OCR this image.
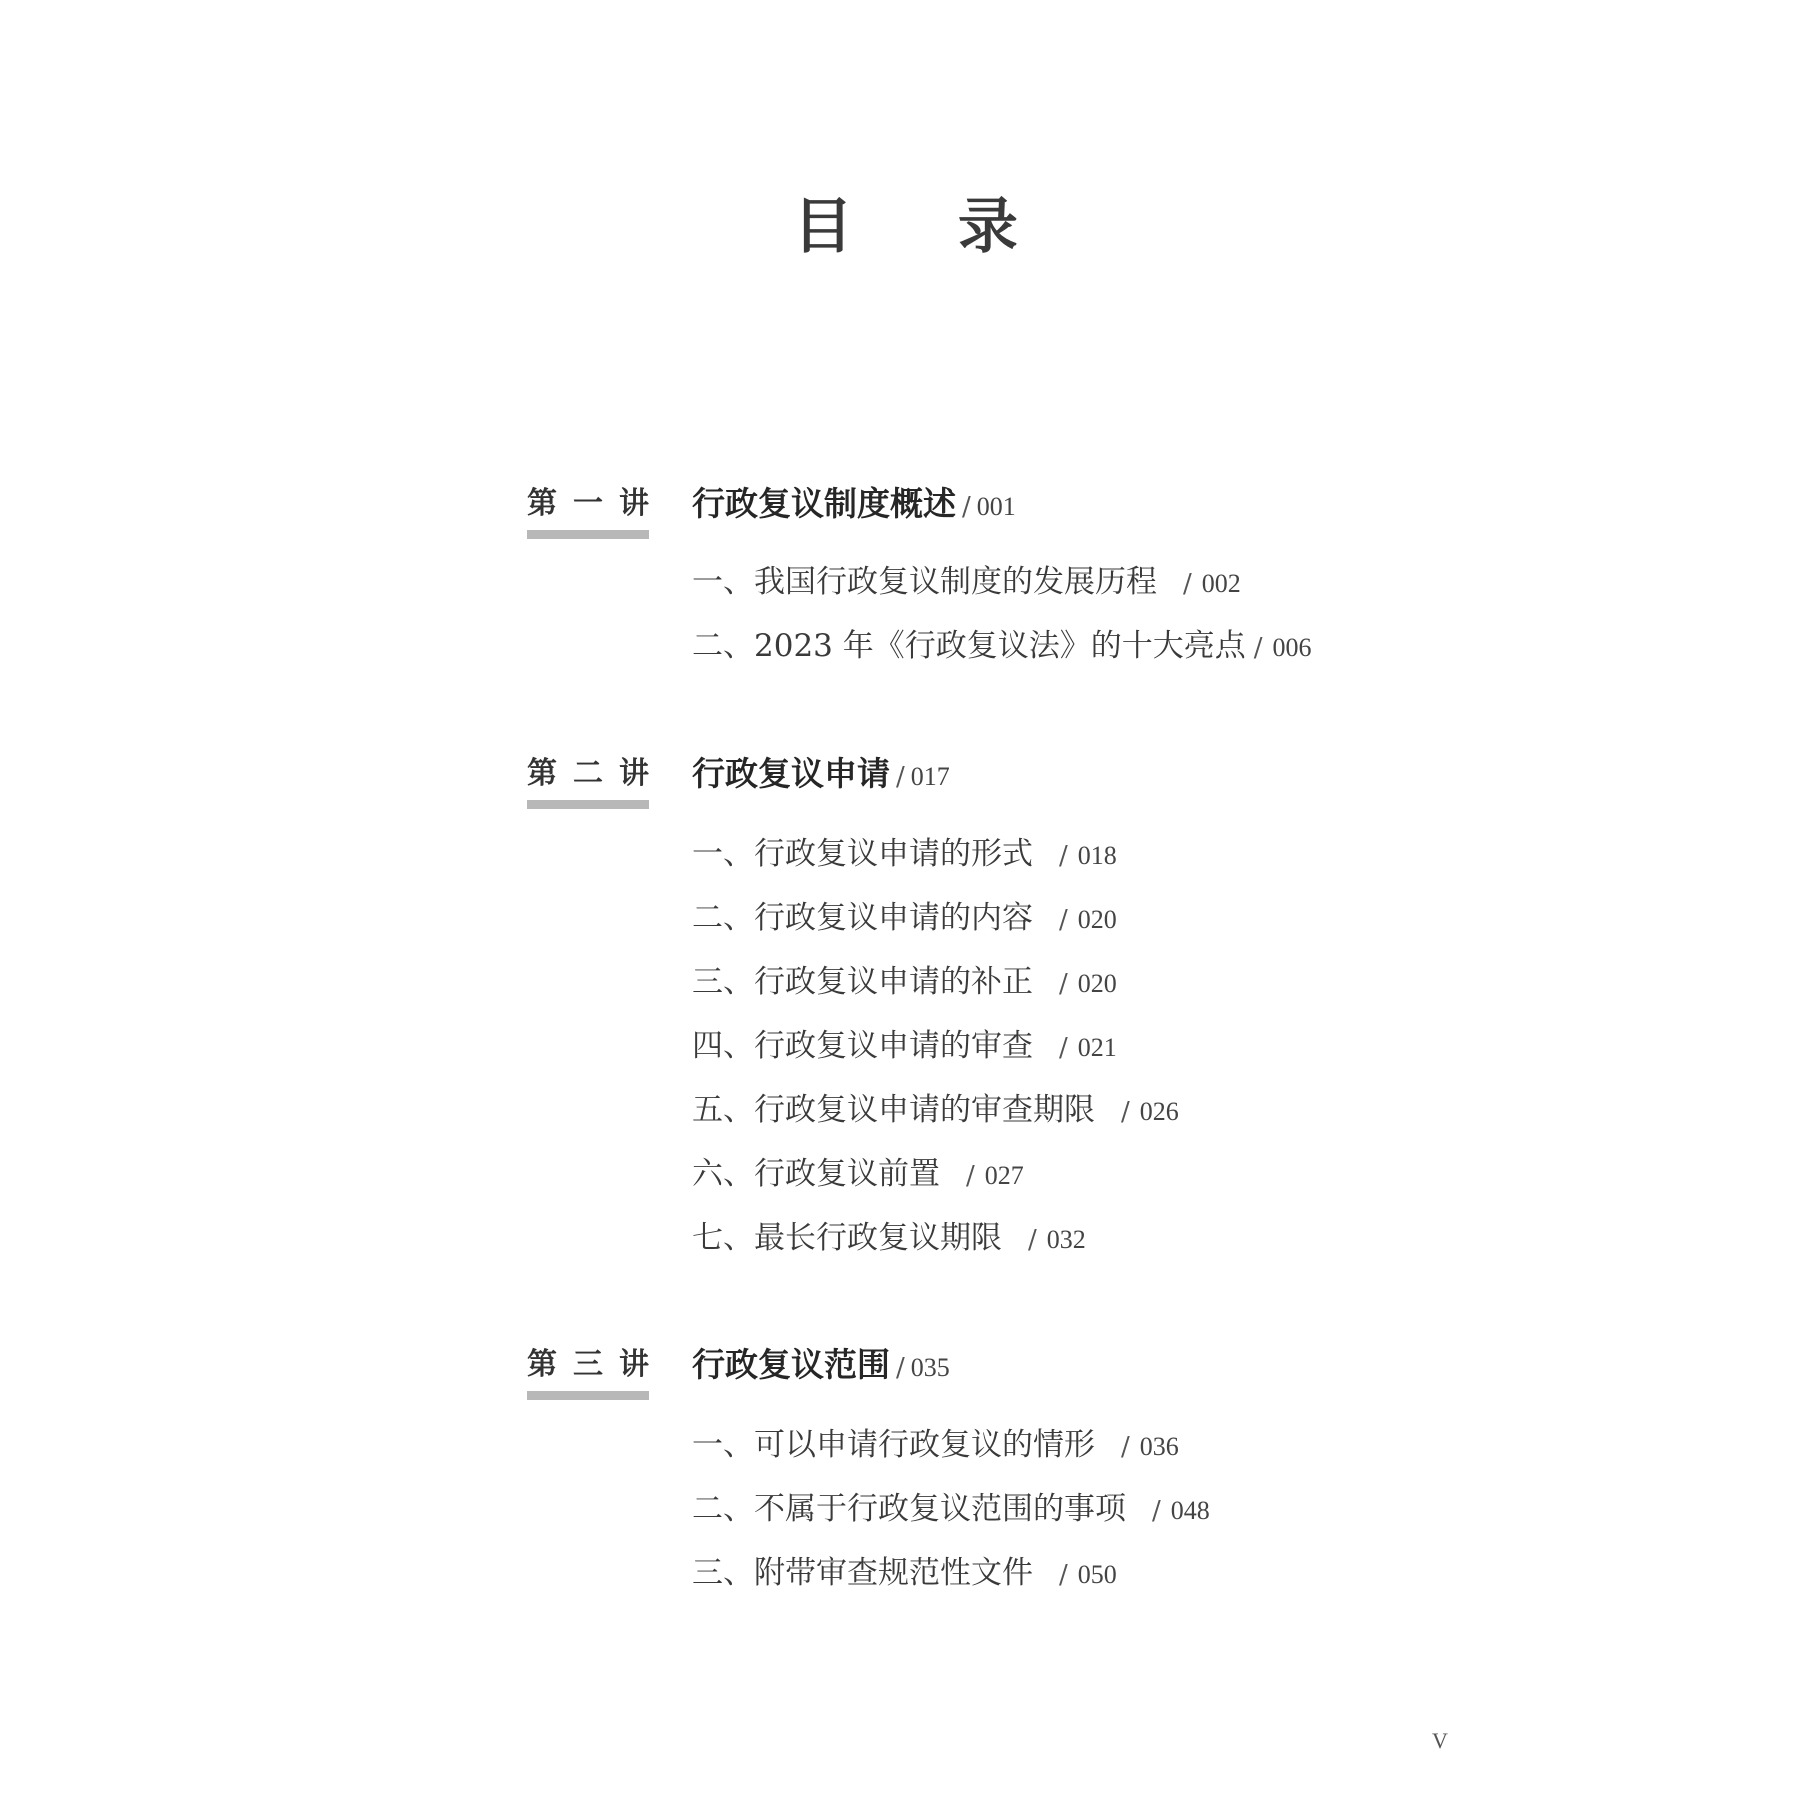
目 录
第 一 讲 行政复议制度概述 / 001
一、我国行政复议制度的发展历程 / 002
二、2023 年《行政复议法》的十大亮点 / 006
第 二 讲 行政复议申请 / 017
一、行政复议申请的形式 / 018
二、行政复议申请的内容 / 020
三、行政复议申请的补正 / 020
四、行政复议申请的审查 / 021
五、行政复议申请的审查期限 / 026
六、行政复议前置 / 027
七、最长行政复议期限 / 032
第 三 讲 行政复议范围 / 035
一、可以申请行政复议的情形 / 036
二、不属于行政复议范围的事项 / 048
三、附带审查规范性文件 / 050
V
